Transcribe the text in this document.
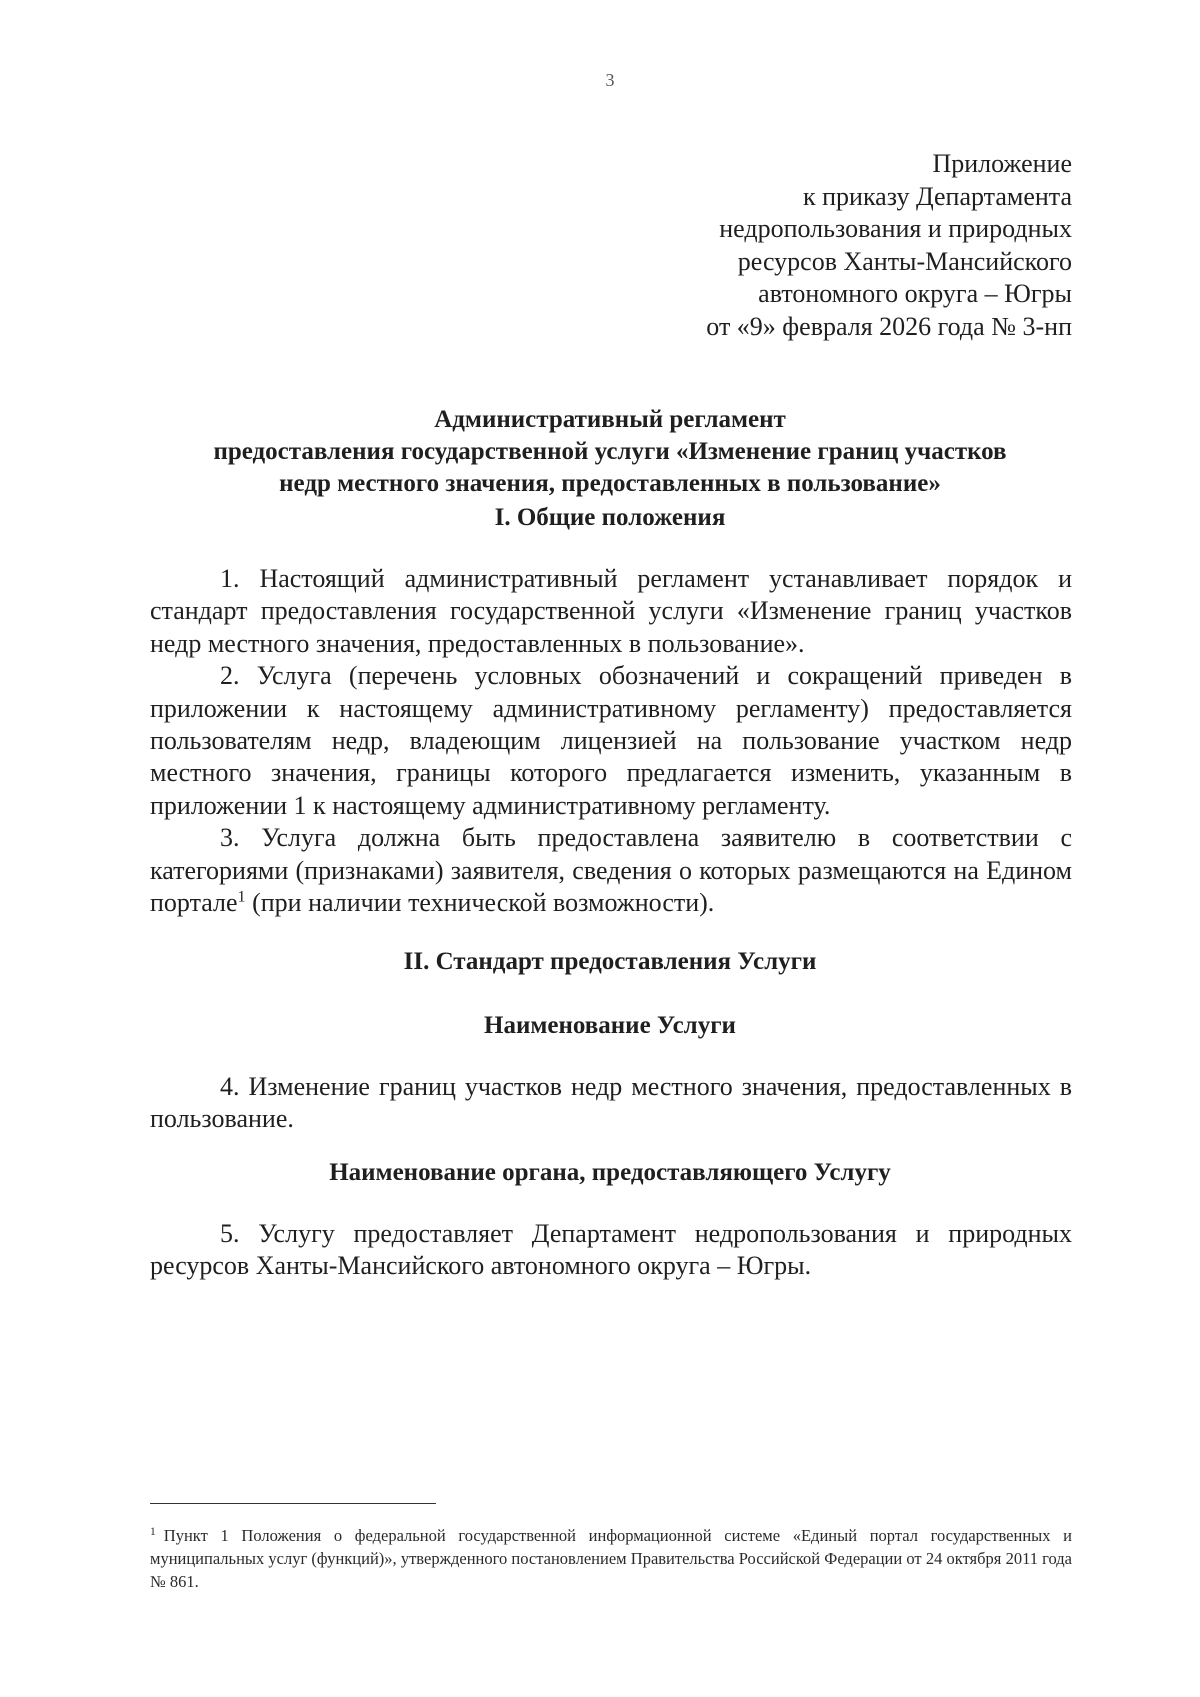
3
Приложение
к приказу Департамента
недропользования и природных
ресурсов Ханты-Мансийского
автономного округа – Югры
от «9» февраля 2026 года № 3-нп
Административный регламент
предоставления государственной услуги «Изменение границ участков
недр местного значения, предоставленных в пользование»
I. Общие положения

1. Настоящий административный регламент устанавливает порядок и стандарт предоставления государственной услуги «Изменение границ участков недр местного значения, предоставленных в пользование».

2. Услуга (перечень условных обозначений и сокращений приведен в приложении к настоящему административному регламенту) предоставляется пользователям недр, владеющим лицензией на пользование участком недр местного значения, границы которого предлагается изменить, указанным в приложении 1 к настоящему административному регламенту.

3. Услуга должна быть предоставлена заявителю в соответствии с категориями (признаками) заявителя, сведения о которых размещаются на Едином портале$^1$ (при наличии технической возможности).

II. Стандарт предоставления Услуги
Наименование Услуги

4. Изменение границ участков недр местного значения, предоставленных в пользование.

Наименование органа, предоставляющего Услугу

5. Услугу предоставляет Департамент недропользования и природных ресурсов Ханты-Мансийского автономного округа – Югры.

$^1$ Пункт 1 Положения о федеральной государственной информационной системе «Единый портал государственных и муниципальных услуг (функций)», утвержденного постановлением Правительства Российской Федерации от 24 октября 2011 года № 861.
